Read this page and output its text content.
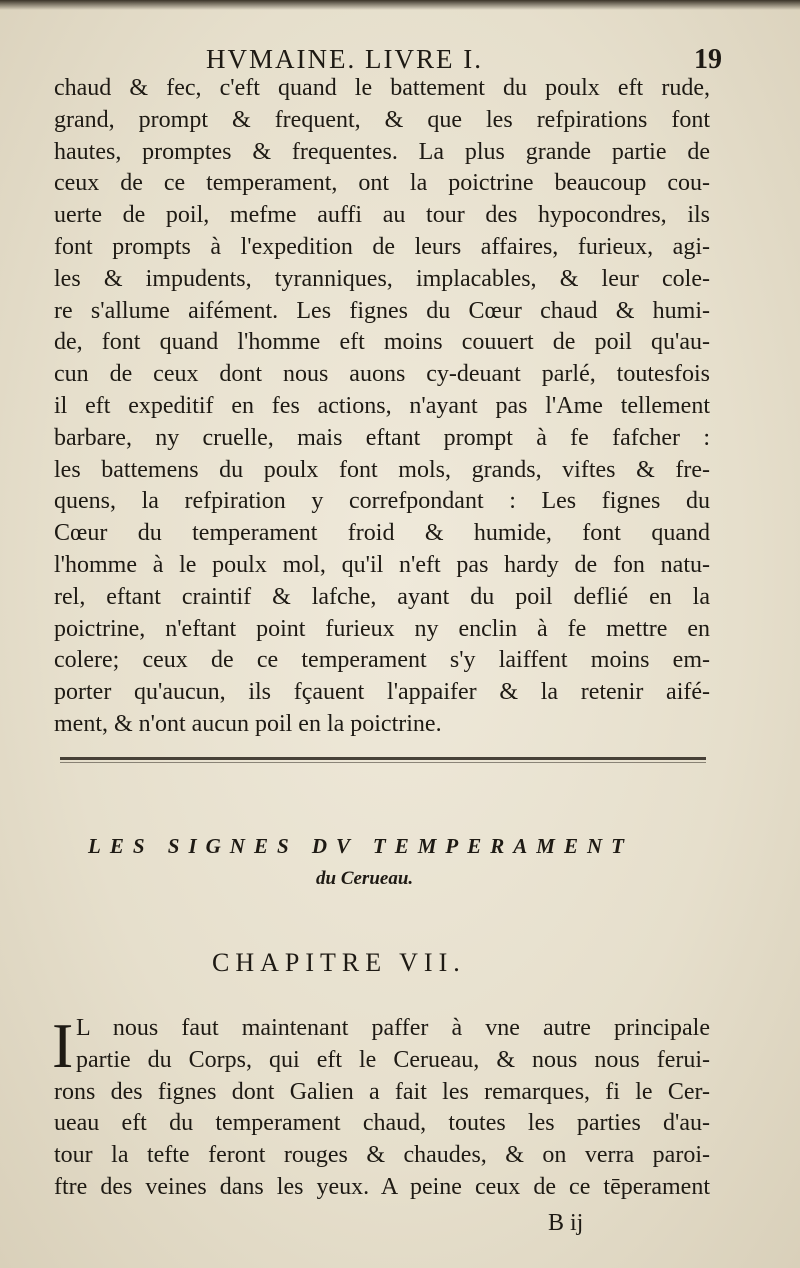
HVMAINE. LIVRE I.	19
chaud & fec, c'eft quand le battement du poulx eft rude,
grand, prompt & frequent, & que les refpirations font
hautes, promptes & frequentes. La plus grande partie de
ceux de ce temperament, ont la poictrine beaucoup cou-
uerte de poil, mefme auffi au tour des hypocondres, ils
font prompts à l'expedition de leurs affaires, furieux, agi-
les & impudents, tyranniques, implacables, & leur cole-
re s'allume aifément. Les fignes du Cœur chaud & humi-
de, font quand l'homme eft moins couuert de poil qu'au-
cun de ceux dont nous auons cy-deuant parlé, toutesfois
il eft expeditif en fes actions, n'ayant pas l'Ame tellement
barbare, ny cruelle, mais eftant prompt à fe fafcher :
les battemens du poulx font mols, grands, viftes & fre-
quens, la refpiration y correfpondant : Les fignes du
Cœur du temperament froid & humide, font quand
l'homme à le poulx mol, qu'il n'eft pas hardy de fon natu-
rel, eftant craintif & lafche, ayant du poil deflié en la
poictrine, n'eftant point furieux ny enclin à fe mettre en
colere; ceux de ce temperament s'y laiffent moins em-
porter qu'aucun, ils fçauent l'appaifer & la retenir aifé-
ment, & n'ont aucun poil en la poictrine.
LES SIGNES DV TEMPERAMENT
du Cerueau.
CHAPITRE VII.
I L nous faut maintenant paffer à vne autre principale
partie du Corps, qui eft le Cerueau, & nous nous ferui-
rons des fignes dont Galien a fait les remarques, fi le Cer-
ueau eft du temperament chaud, toutes les parties d'au-
tour la tefte feront rouges & chaudes, & on verra paroi-
ftre des veines dans les yeux. A peine ceux de ce tēperament
B ij
